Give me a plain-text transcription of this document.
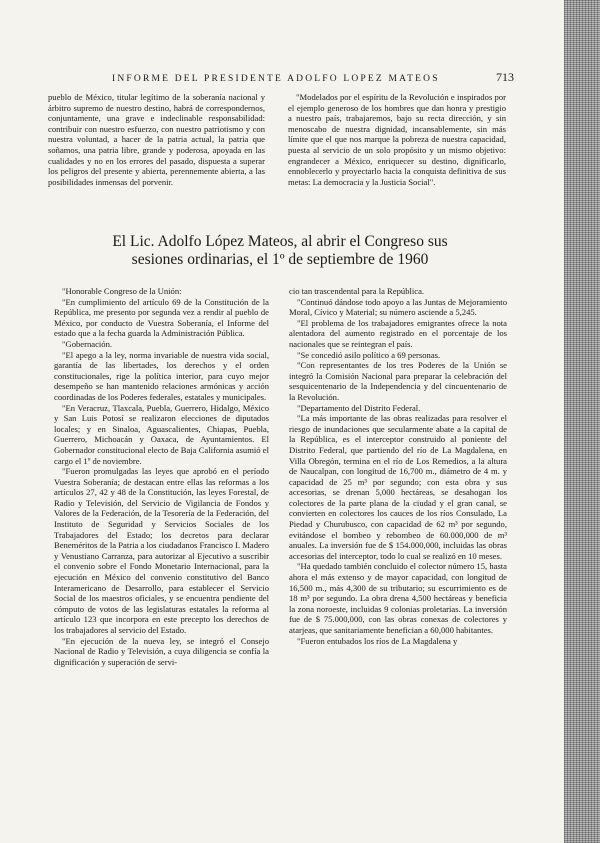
INFORME DEL PRESIDENTE ADOLFO LOPEZ MATEOS	713

pueblo de México, titular legítimo de la soberanía nacional y árbitro supremo de nuestro destino, habrá de correspondernos, conjuntamente, una grave e indeclinable responsabilidad: contribuir con nuestro esfuerzo, con nuestro patriotismo y con nuestra voluntad, a hacer de la patria actual, la patria que soñamos, una patria libre, grande y poderosa, apoyada en las cualidades y no en los errores del pasado, dispuesta a superar los peligros del presente y abierta, perennemente abierta, a las posibilidades inmensas del porvenir.

"Modelados por el espíritu de la Revolución e inspirados por el ejemplo generoso de los hombres que dan honra y prestigio a nuestro país, trabajaremos, bajo su recta dirección, y sin menoscabo de nuestra dignidad, incansablemente, sin más límite que el que nos marque la pobreza de nuestra capacidad, puesta al servicio de un solo propósito y un mismo objetivo: engrandecer a México, enriquecer su destino, dignificarlo, ennoblecerlo y proyectarlo hacia la conquista definitiva de sus metas: La democracia y la Justicia Social".

El Lic. Adolfo López Mateos, al abrir el Congreso sus
sesiones ordinarias, el 1º de septiembre de 1960

"Honorable Congreso de la Unión:

"En cumplimiento del artículo 69 de la Constitución de la República, me presento por segunda vez a rendir al pueblo de México, por conducto de Vuestra Soberanía, el Informe del estado que a la fecha guarda la Administración Pública.

"Gobernación.

"El apego a la ley, norma invariable de nuestra vida social, garantía de las libertades, los derechos y el orden constitucionales, rige la política interior, para cuyo mejor desempeño se han mantenido relaciones armónicas y acción coordinadas de los Poderes federales, estatales y municipales.

"En Veracruz, Tlaxcala, Puebla, Guerrero, Hidalgo, México y San Luis Potosí se realizaron elecciones de diputados locales; y en Sinaloa, Aguascalientes, Chiapas, Puebla, Guerrero, Michoacán y Oaxaca, de Ayuntamientos. El Gobernador constitucional electo de Baja California asumió el cargo el 1º de noviembre.

"Fueron promulgadas las leyes que aprobó en el período Vuestra Soberanía; de destacan entre ellas las reformas a los artículos 27, 42 y 48 de la Constitución, las leyes Forestal, de Radio y Televisión, del Servicio de Vigilancia de Fondos y Valores de la Federación, de la Tesorería de la Federación, del Instituto de Seguridad y Servicios Sociales de los Trabajadores del Estado; los decretos para declarar Beneméritos de la Patria a los ciudadanos Francisco I. Madero y Venustiano Carranza, para autorizar al Ejecutivo a suscribir el convenio sobre el Fondo Monetario Internacional, para la ejecución en México del convenio constitutivo del Banco Interamericano de Desarrollo, para establecer el Servicio Social de los maestros oficiales, y se encuentra pendiente del cómputo de votos de las legislaturas estatales la reforma al artículo 123 que incorpora en este precepto los derechos de los trabajadores al servicio del Estado.

"En ejecución de la nueva ley, se integró el Consejo Nacional de Radio y Televisión, a cuya diligencia se confía la dignificación y superación de servi-

cio tan trascendental para la República.

"Continuó dándose todo apoyo a las Juntas de Mejoramiento Moral, Cívico y Material; su número asciende a 5,245.

"El problema de los trabajadores emigrantes ofrece la nota alentadora del aumento registrado en el porcentaje de los nacionales que se reintegran el país.

"Se concedió asilo político a 69 personas.

"Con representantes de los tres Poderes de la Unión se integró la Comisión Nacional para preparar la celebración del sesquicentenario de la Independencia y del cincuentenario de la Revolución.

"Departamento del Distrito Federal.

"La más importante de las obras realizadas para resolver el riesgo de inundaciones que secularmente abate a la capital de la República, es el interceptor construido al poniente del Distrito Federal, que partiendo del río de La Magdalena, en Villa Obregón, termina en el río de Los Remedios, a la altura de Naucalpan, con longitud de 16,700 m., diámetro de 4 m. y capacidad de 25 m³ por segundo; con esta obra y sus accesorias, se drenan 5,000 hectáreas, se desahogan los colectores de la parte plana de la ciudad y el gran canal, se convierten en colectores los cauces de los ríos Consulado, La Piedad y Churubusco, con capacidad de 62 m³ por segundo, evitándose el bombeo y rebombeo de 60.000,000 de m³ anuales. La inversión fue de $ 154.000,000, incluidas las obras accesorias del interceptor, todo lo cual se realizó en 10 meses.

"Ha quedado también concluido el colector número 15, hasta ahora el más extenso y de mayor capacidad, con longitud de 16,500 m., más 4,300 de su tributario; su escurrimiento es de 18 m³ por segundo. La obra drena 4,500 hectáreas y beneficia la zona noroeste, incluidas 9 colonias proletarias. La inversión fue de $ 75.000,000, con las obras conexas de colectores y atarjeas, que sanitariamente benefician a 60,000 habitantes.

"Fueron entubados los ríos de La Magdalena y
